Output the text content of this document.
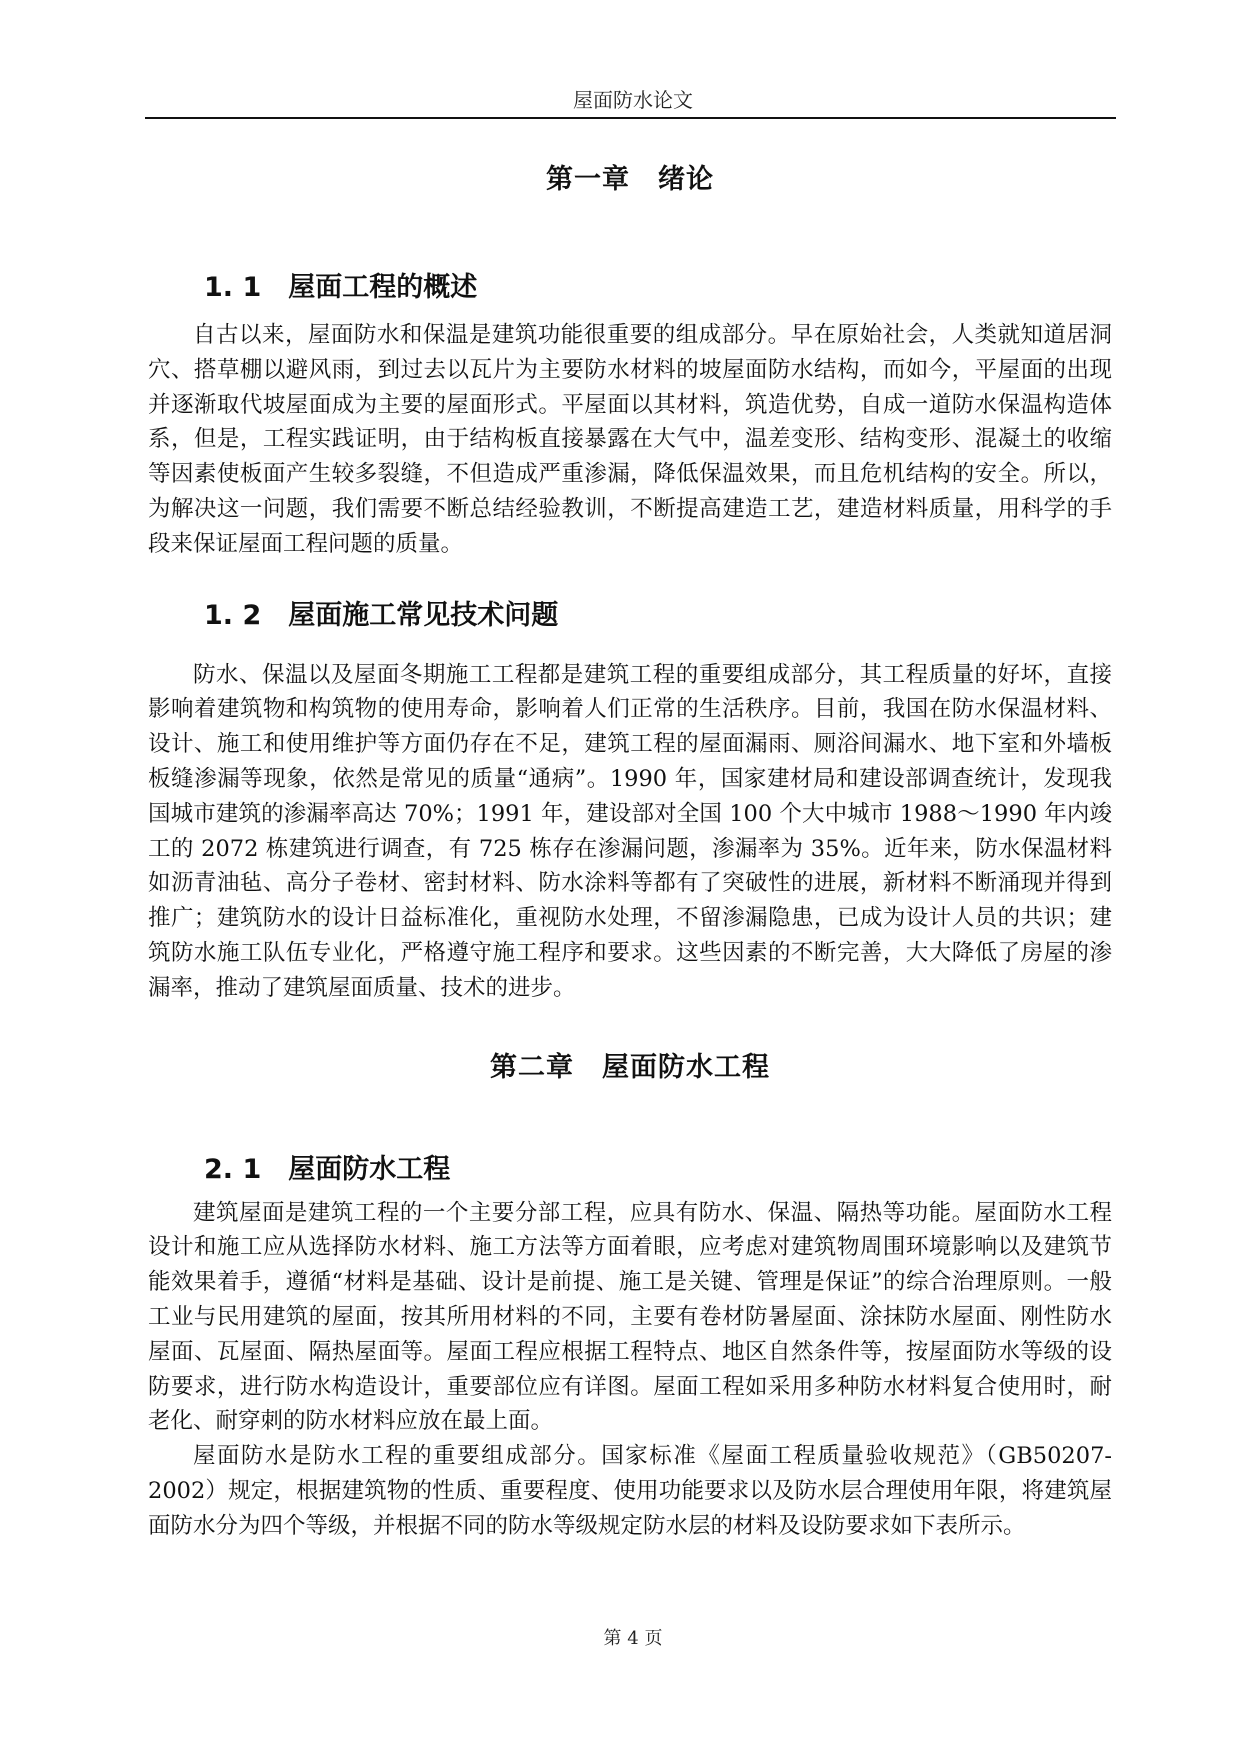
屋面防水论文
第一章　绪论
1. 1　屋面工程的概述

自古以来，屋面防水和保温是建筑功能很重要的组成部分。早在原始社会，人类就知道居洞穴、搭草棚以避风雨，到过去以瓦片为主要防水材料的坡屋面防水结构，而如今，平屋面的出现并逐渐取代坡屋面成为主要的屋面形式。平屋面以其材料，筑造优势，自成一道防水保温构造体系，但是，工程实践证明，由于结构板直接暴露在大气中，温差变形、结构变形、混凝土的收缩等因素使板面产生较多裂缝，不但造成严重渗漏，降低保温效果，而且危机结构的安全。所以，为解决这一问题，我们需要不断总结经验教训，不断提高建造工艺，建造材料质量，用科学的手段来保证屋面工程问题的质量。

1. 2　屋面施工常见技术问题

防水、保温以及屋面冬期施工工程都是建筑工程的重要组成部分，其工程质量的好坏，直接影响着建筑物和构筑物的使用寿命，影响着人们正常的生活秩序。目前，我国在防水保温材料、设计、施工和使用维护等方面仍存在不足，建筑工程的屋面漏雨、厕浴间漏水、地下室和外墙板板缝渗漏等现象，依然是常见的质量“通病”。1990 年，国家建材局和建设部调查统计，发现我国城市建筑的渗漏率高达 70%；1991 年，建设部对全国 100 个大中城市 1988～1990 年内竣工的 2072 栋建筑进行调查，有 725 栋存在渗漏问题，渗漏率为 35%。近年来，防水保温材料如沥青油毡、高分子卷材、密封材料、防水涂料等都有了突破性的进展，新材料不断涌现并得到推广；建筑防水的设计日益标准化，重视防水处理，不留渗漏隐患，已成为设计人员的共识；建筑防水施工队伍专业化，严格遵守施工程序和要求。这些因素的不断完善，大大降低了房屋的渗漏率，推动了建筑屋面质量、技术的进步。

第二章　屋面防水工程
2. 1　屋面防水工程

建筑屋面是建筑工程的一个主要分部工程，应具有防水、保温、隔热等功能。屋面防水工程设计和施工应从选择防水材料、施工方法等方面着眼，应考虑对建筑物周围环境影响以及建筑节能效果着手，遵循“材料是基础、设计是前提、施工是关键、管理是保证”的综合治理原则。一般工业与民用建筑的屋面，按其所用材料的不同，主要有卷材防暑屋面、涂抹防水屋面、刚性防水屋面、瓦屋面、隔热屋面等。屋面工程应根据工程特点、地区自然条件等，按屋面防水等级的设防要求，进行防水构造设计，重要部位应有详图。屋面工程如采用多种防水材料复合使用时，耐老化、耐穿刺的防水材料应放在最上面。

屋面防水是防水工程的重要组成部分。国家标准《屋面工程质量验收规范》（GB50207-2002）规定，根据建筑物的性质、重要程度、使用功能要求以及防水层合理使用年限，将建筑屋面防水分为四个等级，并根据不同的防水等级规定防水层的材料及设防要求如下表所示。

第 4 页
